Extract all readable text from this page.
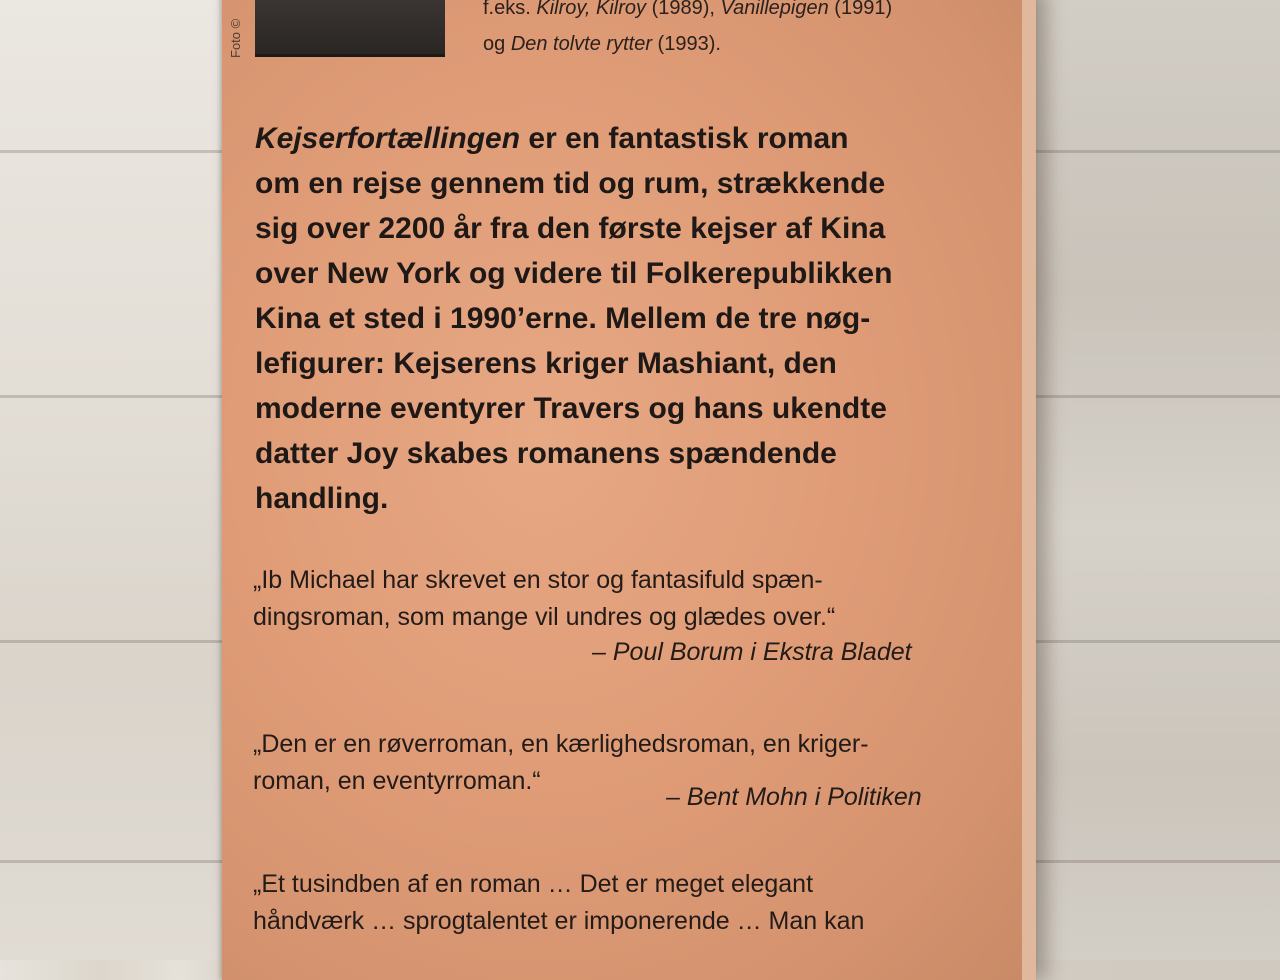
Foto ©
f.eks. Kilroy, Kilroy (1989), Vanillepigen (1991)
og Den tolvte rytter (1993).
Kejserfortællingen er en fantastisk roman
om en rejse gennem tid og rum, strækkende
sig over 2200 år fra den første kejser af Kina
over New York og videre til Folkerepublikken
Kina et sted i 1990’erne. Mellem de tre nøg-
lefigurer: Kejserens kriger Mashiant, den
moderne eventyrer Travers og hans ukendte
datter Joy skabes romanens spændende
handling.
„Ib Michael har skrevet en stor og fantasifuld spæn-
dingsroman, som mange vil undres og glædes over.“
– Poul Borum i Ekstra Bladet
„Den er en røverroman, en kærlighedsroman, en kriger-
roman, en eventyrroman.“
– Bent Mohn i Politiken
„Et tusindben af en roman … Det er meget elegant
håndværk … sprogtalentet er imponerende … Man kan
